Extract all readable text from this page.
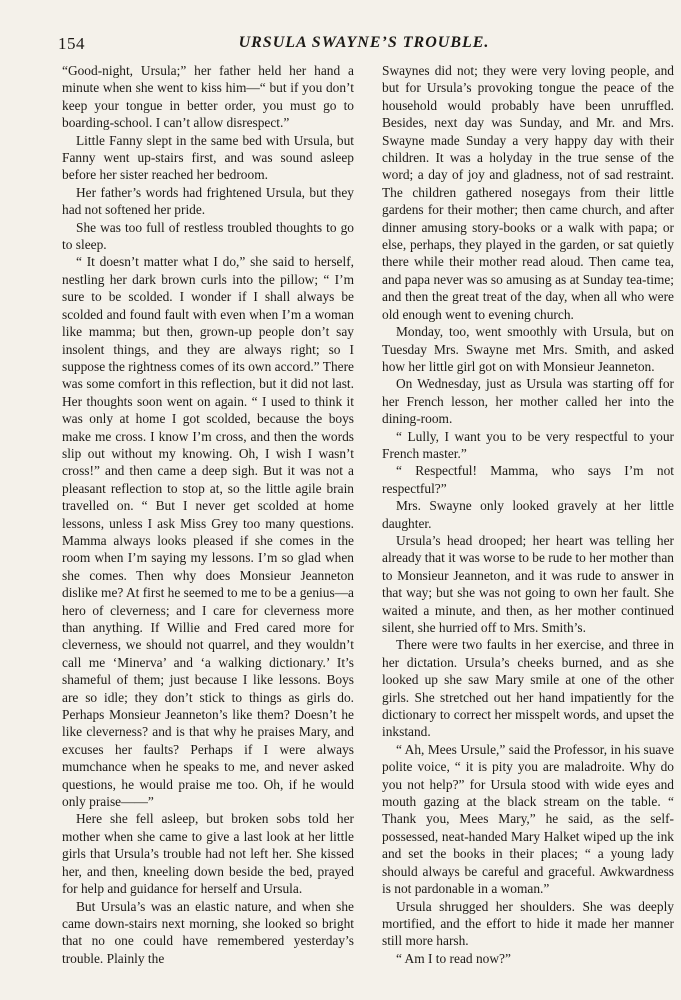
154	URSULA SWAYNE’S TROUBLE.

“Good-night, Ursula;” her father held her hand a minute when she went to kiss him—“ but if you don’t keep your tongue in better order, you must go to boarding-school. I can’t allow disrespect.”

Little Fanny slept in the same bed with Ursula, but Fanny went up-stairs first, and was sound asleep before her sister reached her bedroom.

Her father’s words had frightened Ursula, but they had not softened her pride.

She was too full of restless troubled thoughts to go to sleep.

“ It doesn’t matter what I do,” she said to herself, nestling her dark brown curls into the pillow; “ I’m sure to be scolded. I wonder if I shall always be scolded and found fault with even when I’m a woman like mamma; but then, grown-up people don’t say insolent things, and they are always right; so I suppose the rightness comes of its own accord.” There was some comfort in this reflection, but it did not last. Her thoughts soon went on again. “ I used to think it was only at home I got scolded, because the boys make me cross. I know I’m cross, and then the words slip out without my knowing. Oh, I wish I wasn’t cross!” and then came a deep sigh. But it was not a pleasant reflection to stop at, so the little agile brain travelled on. “ But I never get scolded at home lessons, unless I ask Miss Grey too many questions. Mamma always looks pleased if she comes in the room when I’m saying my lessons. I’m so glad when she comes. Then why does Monsieur Jeanneton dislike me? At first he seemed to me to be a genius—a hero of cleverness; and I care for cleverness more than anything. If Willie and Fred cared more for cleverness, we should not quarrel, and they wouldn’t call me ‘Minerva’ and ‘a walking dictionary.’ It’s shameful of them; just because I like lessons. Boys are so idle; they don’t stick to things as girls do. Perhaps Monsieur Jeanneton’s like them? Doesn’t he like cleverness? and is that why he praises Mary, and excuses her faults? Perhaps if I were always mumchance when he speaks to me, and never asked questions, he would praise me too. Oh, if he would only praise——”

Here she fell asleep, but broken sobs told her mother when she came to give a last look at her little girls that Ursula’s trouble had not left her. She kissed her, and then, kneeling down beside the bed, prayed for help and guidance for herself and Ursula.

But Ursula’s was an elastic nature, and when she came down-stairs next morning, she looked so bright that no one could have remembered yesterday’s trouble. Plainly the

Swaynes did not; they were very loving people, and but for Ursula’s provoking tongue the peace of the household would probably have been unruffled. Besides, next day was Sunday, and Mr. and Mrs. Swayne made Sunday a very happy day with their children. It was a holyday in the true sense of the word; a day of joy and gladness, not of sad restraint. The children gathered nosegays from their little gardens for their mother; then came church, and after dinner amusing story-books or a walk with papa; or else, perhaps, they played in the garden, or sat quietly there while their mother read aloud. Then came tea, and papa never was so amusing as at Sunday tea-time; and then the great treat of the day, when all who were old enough went to evening church.

Monday, too, went smoothly with Ursula, but on Tuesday Mrs. Swayne met Mrs. Smith, and asked how her little girl got on with Monsieur Jeanneton.

On Wednesday, just as Ursula was starting off for her French lesson, her mother called her into the dining-room.

“ Lully, I want you to be very respectful to your French master.”

“ Respectful! Mamma, who says I’m not respectful?”

Mrs. Swayne only looked gravely at her little daughter.

Ursula’s head drooped; her heart was telling her already that it was worse to be rude to her mother than to Monsieur Jeanneton, and it was rude to answer in that way; but she was not going to own her fault. She waited a minute, and then, as her mother continued silent, she hurried off to Mrs. Smith’s.

There were two faults in her exercise, and three in her dictation. Ursula’s cheeks burned, and as she looked up she saw Mary smile at one of the other girls. She stretched out her hand impatiently for the dictionary to correct her misspelt words, and upset the inkstand.

“ Ah, Mees Ursule,” said the Professor, in his suave polite voice, “ it is pity you are maladroite. Why do you not help?” for Ursula stood with wide eyes and mouth gazing at the black stream on the table. “ Thank you, Mees Mary,” he said, as the self-possessed, neat-handed Mary Halket wiped up the ink and set the books in their places; “ a young lady should always be careful and graceful. Awkwardness is not pardonable in a woman.”

Ursula shrugged her shoulders. She was deeply mortified, and the effort to hide it made her manner still more harsh.

“ Am I to read now?”
